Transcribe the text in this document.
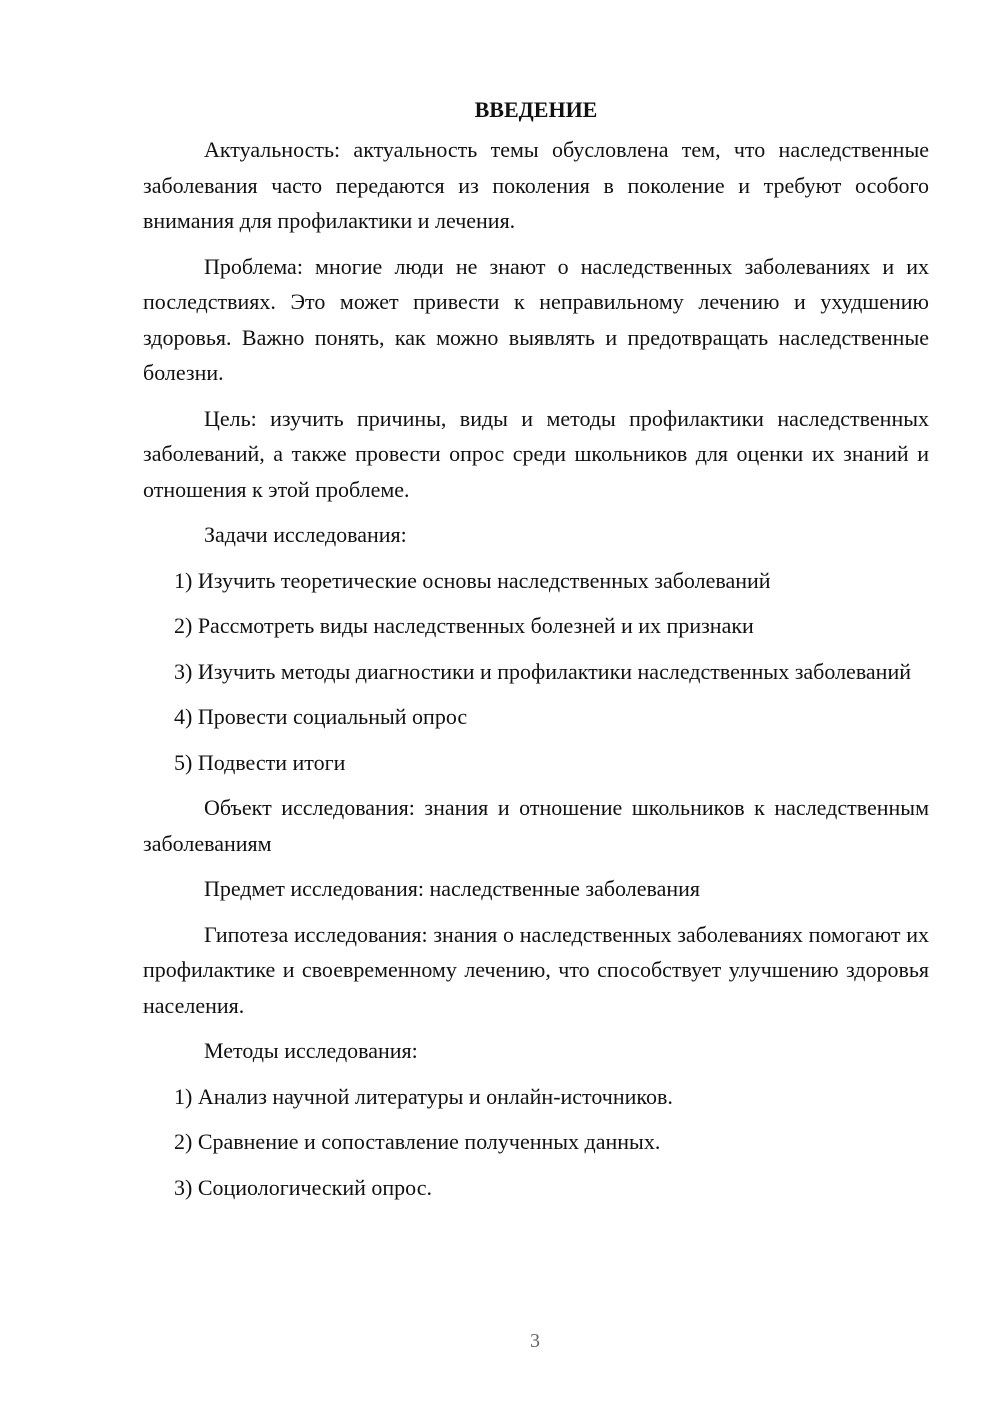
ВВЕДЕНИЕ

Актуальность: актуальность темы обусловлена тем, что наследственные заболевания часто передаются из поколения в поколение и требуют особого внимания для профилактики и лечения.

Проблема: многие люди не знают о наследственных заболеваниях и их последствиях. Это может привести к неправильному лечению и ухудшению здоровья. Важно понять, как можно выявлять и предотвращать наследственные болезни.

Цель: изучить причины, виды и методы профилактики наследственных заболеваний, а также провести опрос среди школьников для оценки их знаний и отношения к этой проблеме.

Задачи исследования:

1) Изучить теоретические основы наследственных заболеваний

2) Рассмотреть виды наследственных болезней и их признаки

3) Изучить методы диагностики и профилактики наследственных заболеваний

4) Провести социальный опрос

5) Подвести итоги

Объект исследования: знания и отношение школьников к наследственным заболеваниям

Предмет исследования: наследственные заболевания

Гипотеза исследования: знания о наследственных заболеваниях помогают их профилактике и своевременному лечению, что способствует улучшению здоровья населения.

Методы исследования:

1) Анализ научной литературы и онлайн-источников.

2) Сравнение и сопоставление полученных данных.

3) Социологический опрос.

3
